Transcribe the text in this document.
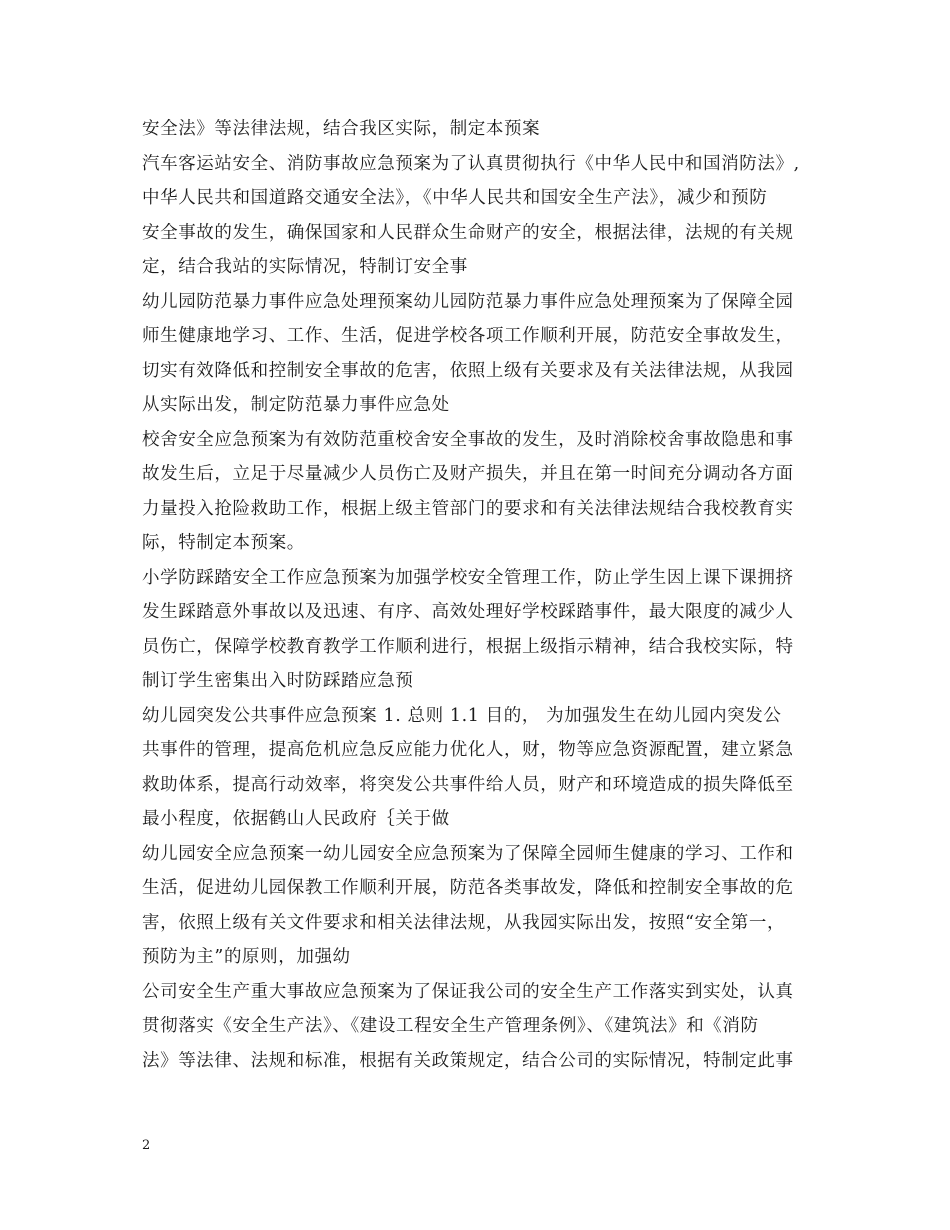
安全法》等法律法规，结合我区实际，制定本预案
汽车客运站安全、消防事故应急预案为了认真贯彻执行《中华人民中和国消防法》,
中华人民共和国道路交通安全法》，《中华人民共和国安全生产法》，减少和预防
安全事故的发生，确保国家和人民群众生命财产的安全，根据法律，法规的有关规
定，结合我站的实际情况，特制订安全事
幼儿园防范暴力事件应急处理预案幼儿园防范暴力事件应急处理预案为了保障全园
师生健康地学习、工作、生活，促进学校各项工作顺利开展，防范安全事故发生，
切实有效降低和控制安全事故的危害，依照上级有关要求及有关法律法规，从我园
从实际出发，制定防范暴力事件应急处
校舍安全应急预案为有效防范重校舍安全事故的发生，及时消除校舍事故隐患和事
故发生后，立足于尽量减少人员伤亡及财产损失，并且在第一时间充分调动各方面
力量投入抢险救助工作，根据上级主管部门的要求和有关法律法规结合我校教育实
际，特制定本预案。
小学防踩踏安全工作应急预案为加强学校安全管理工作，防止学生因上课下课拥挤
发生踩踏意外事故以及迅速、有序、高效处理好学校踩踏事件，最大限度的减少人
员伤亡，保障学校教育教学工作顺利进行，根据上级指示精神，结合我校实际，特
制订学生密集出入时防踩踏应急预
幼儿园突发公共事件应急预案 1. 总则 1.1 目的， 为加强发生在幼儿园内突发公
共事件的管理，提高危机应急反应能力优化人，财，物等应急资源配置，建立紧急
救助体系，提高行动效率，将突发公共事件给人员，财产和环境造成的损失降低至
最小程度，依据鹤山人民政府｛关于做
幼儿园安全应急预案一幼儿园安全应急预案为了保障全园师生健康的学习、工作和
生活，促进幼儿园保教工作顺利开展，防范各类事故发，降低和控制安全事故的危
害，依照上级有关文件要求和相关法律法规，从我园实际出发，按照“安全第一，
预防为主”的原则，加强幼
公司安全生产重大事故应急预案为了保证我公司的安全生产工作落实到实处，认真
贯彻落实《安全生产法》、《建设工程安全生产管理条例》、《建筑法》和《消防
法》等法律、法规和标准，根据有关政策规定，结合公司的实际情况，特制定此事
2
